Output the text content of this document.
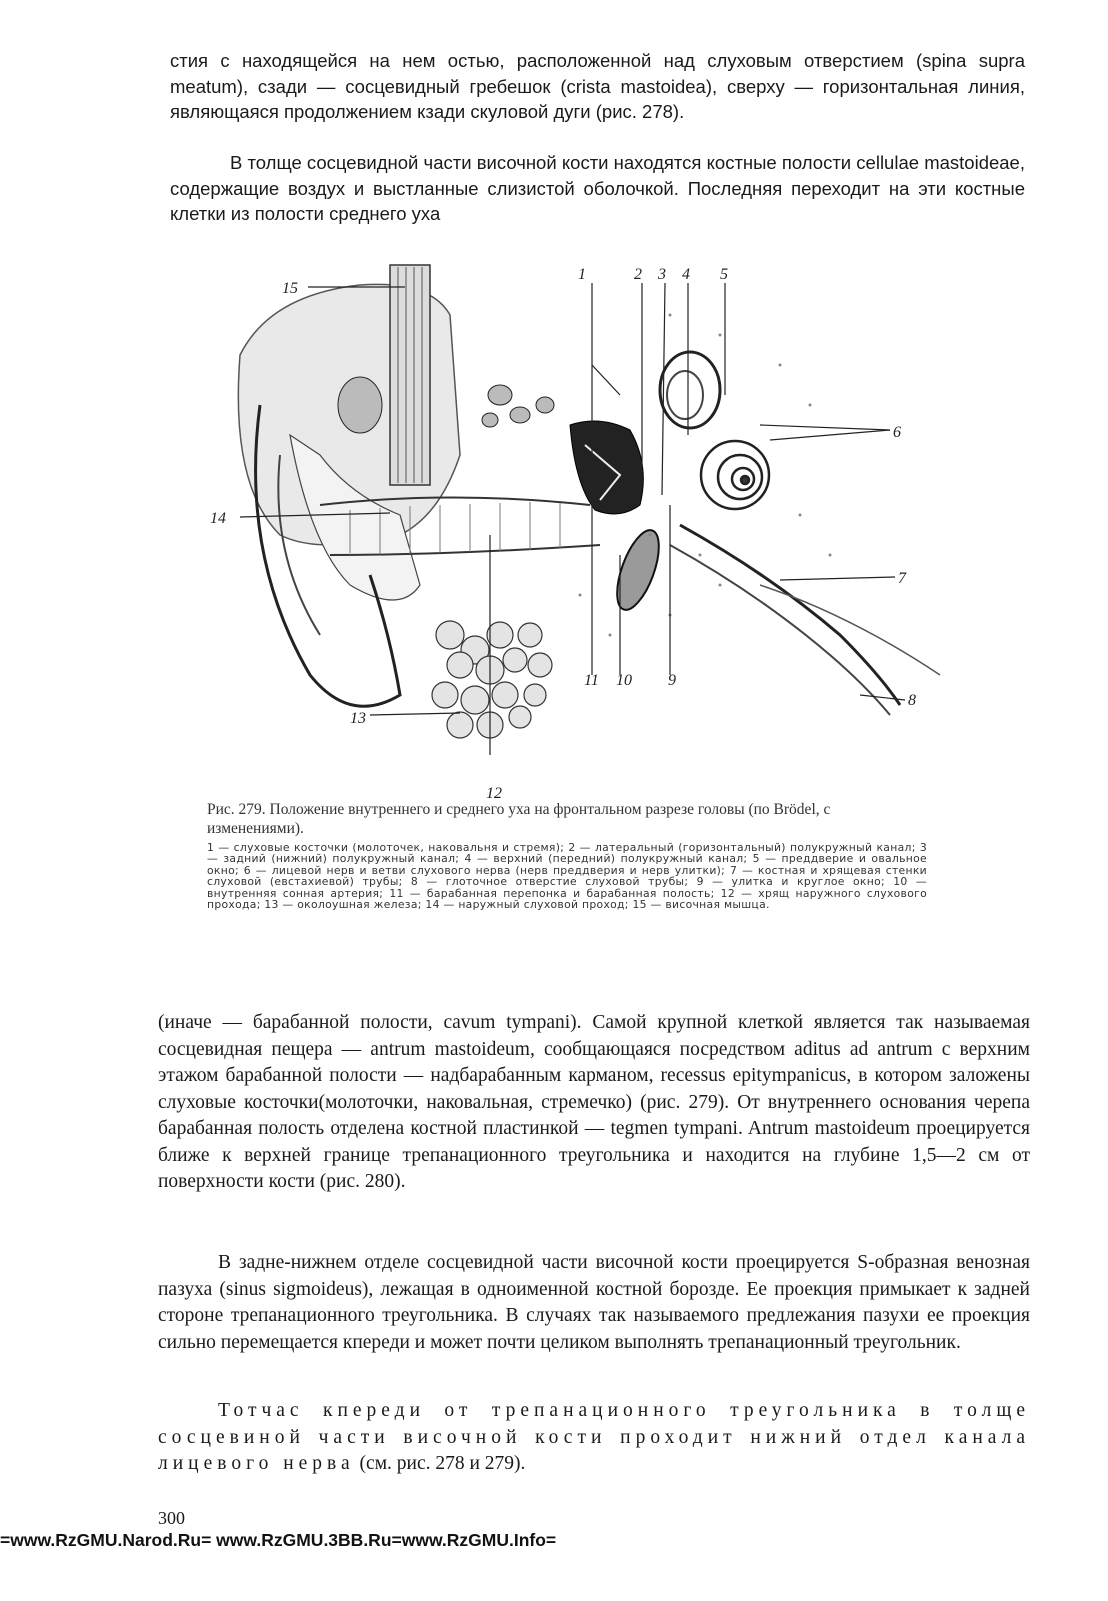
стия с находящейся на нем остью, расположенной над слуховым отверстием (spina supra meatum), сзади — сосцевидный гребешок (crista mastoidea), сверху — горизонтальная линия, являющаяся продолжением кзади скуловой дуги (рис. 278).

В толще сосцевидной части височной кости находятся костные полости cellulae mastoideae, содержащие воздух и выстланные слизистой оболочкой. Последняя переходит на эти костные клетки из полости среднего уха

1	2 3 4 5
6
7
8
9
10
11
13
14
15
12

Рис. 279. Положение внутреннего и среднего уха на фронтальном разрезе головы (по Brödel, с изменениями).

1 — слуховые косточки (молоточек, наковальня и стремя); 2 — латеральный (горизонтальный) полукружный канал; 3 — задний (нижний) полукружный канал; 4 — верхний (передний) полукружный канал; 5 — преддверие и овальное окно; 6 — лицевой нерв и ветви слухового нерва (нерв преддверия и нерв улитки); 7 — костная и хрящевая стенки слуховой (евстахиевой) трубы; 8 — глоточное отверстие слуховой трубы; 9 — улитка и круглое окно; 10 — внутренняя сонная артерия; 11 — барабанная перепонка и барабанная полость; 12 — хрящ наружного слухового прохода; 13 — околоушная железа; 14 — наружный слуховой проход; 15 — височная мышца.

(иначе — барабанной полости, cavum tympani). Самой крупной клеткой является так называемая сосцевидная пещера — antrum mastoideum, сообщающаяся посредством aditus ad antrum с верхним этажом барабанной полости — надбарабанным карманом, recessus epitympanicus, в котором заложены слуховые косточки(молоточки, наковальная, стремечко) (рис. 279). От внутреннего основания черепа барабанная полость отделена костной пластинкой — tegmen tympani. Antrum mastoideum проецируется ближе к верхней границе трепанационного треугольника и находится на глубине 1,5—2 см от поверхности кости (рис. 280).

В задне-нижнем отделе сосцевидной части височной кости проецируется S-образная венозная пазуха (sinus sigmoideus), лежащая в одноименной костной борозде. Ее проекция примыкает к задней стороне трепанационного треугольника. В случаях так называемого предлежания пазухи ее проекция сильно перемещается кпереди и может почти целиком выполнять трепанационный треугольник.

Тотчас кпереди от трепанационного треугольника в толще сосцевиной части височной кости проходит нижний отдел канала лицевого нерва (см. рис. 278 и 279).

300
=www.RzGMU.Narod.Ru= www.RzGMU.3BB.Ru=www.RzGMU.Info=
